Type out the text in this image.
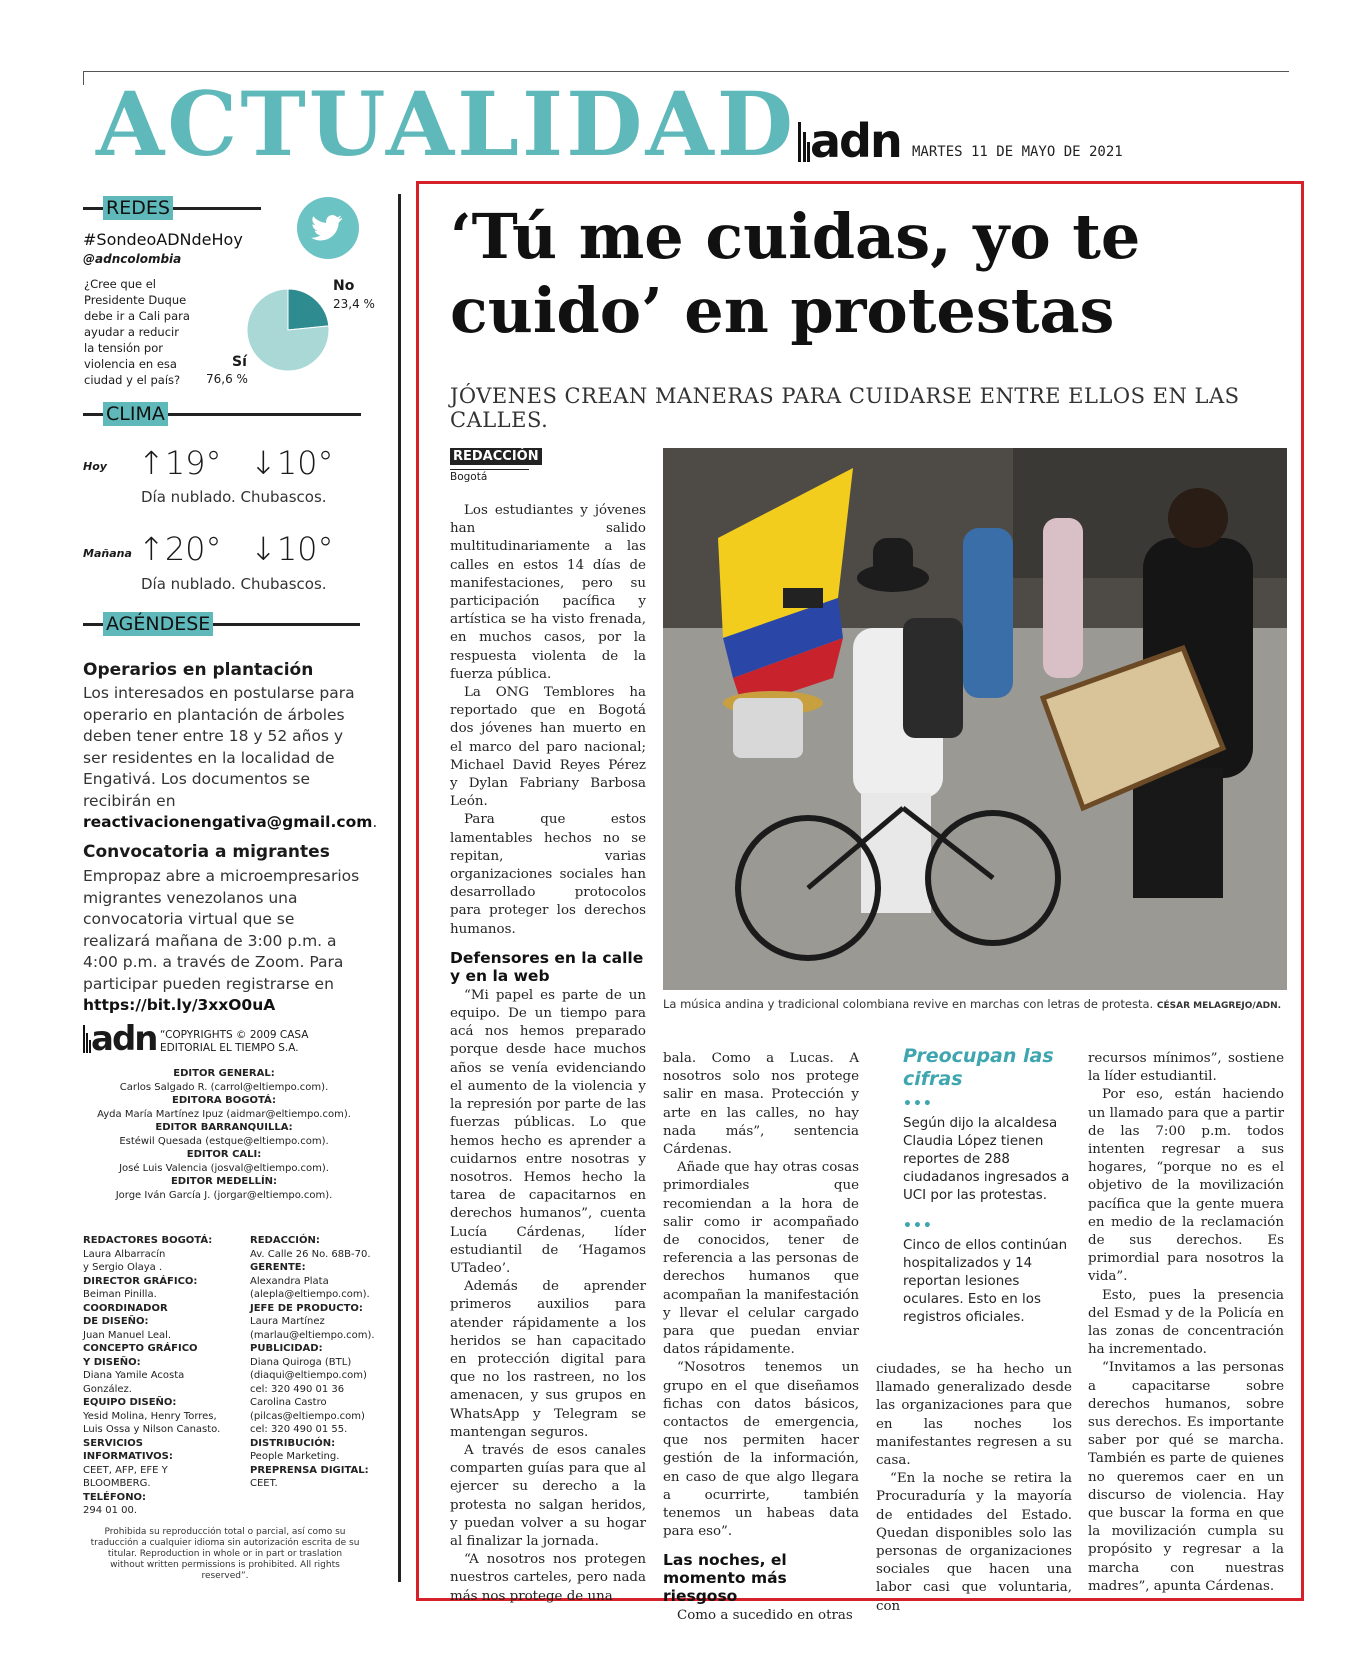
ACTUALIDAD adn MARTES 11 DE MAYO DE 2021
REDES
#SondeoADNdeHoy
@adncolombia
¿Cree que el Presidente Duque debe ir a Cali para ayudar a reducir la tensión por violencia en esa ciudad y el país?
No
23,4 %
Sí
76,6 %
CLIMA
Hoy ↑19° ↓10°
Día nublado. Chubascos.
Mañana ↑20° ↓10°
Día nublado. Chubascos.
AGÉNDESE
Operarios en plantación
Los interesados en postularse para operario en plantación de árboles deben tener entre 18 y 52 años y ser residentes en la localidad de Engativá. Los documentos se recibirán en reactivacionengativa@gmail.com.
Convocatoria a migrantes
Empropaz abre a microempresarios migrantes venezolanos una convocatoria virtual que se realizará mañana de 3:00 p.m. a 4:00 p.m. a través de Zoom. Para participar pueden registrarse en https://bit.ly/3xxO0uA
adn “COPYRIGHTS © 2009 CASA EDITORIAL EL TIEMPO S.A.
EDITOR GENERAL:
Carlos Salgado R. (carrol@eltiempo.com).
EDITORA BOGOTÁ:
Ayda María Martínez Ipuz (aidmar@eltiempo.com).
EDITOR BARRANQUILLA:
Estéwil Quesada (estque@eltiempo.com).
EDITOR CALI:
José Luis Valencia (josval@eltiempo.com).
EDITOR MEDELLÍN:
Jorge Iván García J. (jorgar@eltiempo.com).
REDACTORES BOGOTÁ:
Laura Albarracín
y Sergio Olaya .
DIRECTOR GRÁFICO:
Beiman Pinilla.
COORDINADOR
DE DISEÑO:
Juan Manuel Leal.
CONCEPTO GRÁFICO
Y DISEÑO:
Diana Yamile Acosta González.
EQUIPO DISEÑO:
Yesid Molina, Henry Torres,
Luis Ossa y Nilson Canasto.
SERVICIOS
INFORMATIVOS:
CEET, AFP, EFE Y BLOOMBERG.
TELÉFONO:
294 01 00.
REDACCIÓN:
Av. Calle 26 No. 68B-70.
GERENTE:
Alexandra Plata
(alepla@eltiempo.com).
JEFE DE PRODUCTO:
Laura Martínez
(marlau@eltiempo.com).
PUBLICIDAD:
Diana Quiroga (BTL)
(diaqui@eltiempo.com)
cel: 320 490 01 36
Carolina Castro
(pilcas@eltiempo.com)
cel: 320 490 01 55.
DISTRIBUCIÓN:
People Marketing.
PREPRENSA DIGITAL:
CEET.
Prohibida su reproducción total o parcial, así como su traducción a cualquier idioma sin autorización escrita de su titular. Reproduction in whole or in part or traslation without written permissions is prohibited. All rights reserved”.
‘Tú me cuidas, yo te cuido’ en protestas
JÓVENES CREAN MANERAS PARA CUIDARSE ENTRE ELLOS EN LAS CALLES.
REDACCIÓN
Bogotá

Los estudiantes y jóvenes han salido multitudinariamente a las calles en estos 14 días de manifestaciones, pero su participación pacífica y artística se ha visto frenada, en muchos casos, por la respuesta violenta de la fuerza pública.

La ONG Temblores ha reportado que en Bogotá dos jóvenes han muerto en el marco del paro nacional; Michael David Reyes Pérez y Dylan Fabriany Barbosa León.

Para que estos lamentables hechos no se repitan, varias organizaciones sociales han desarrollado protocolos para proteger los derechos humanos.

Defensores en la calle y en la web

“Mi papel es parte de un equipo. De un tiempo para acá nos hemos preparado porque desde hace muchos años se venía evidenciando el aumento de la violencia y la represión por parte de las fuerzas públicas. Lo que hemos hecho es aprender a cuidarnos entre nosotras y nosotros. Hemos hecho la tarea de capacitarnos en derechos humanos”, cuenta Lucía Cárdenas, líder estudiantil de ‘Hagamos UTadeo’.

Además de aprender primeros auxilios para atender rápidamente a los heridos se han capacitado en protección digital para que no los rastreen, no los amenacen, y sus grupos en WhatsApp y Telegram se mantengan seguros.

A través de esos canales comparten guías para que al ejercer su derecho a la protesta no salgan heridos, y puedan volver a su hogar al finalizar la jornada.

“A nosotros nos protegen nuestros carteles, pero nada más nos protege de una

La música andina y tradicional colombiana revive en marchas con letras de protesta. CÉSAR MELAGREJO/ADN.

bala. Como a Lucas. A nosotros solo nos protege salir en masa. Protección y arte en las calles, no hay nada más”, sentencia Cárdenas.

Añade que hay otras cosas primordiales que recomiendan a la hora de salir como ir acompañado de conocidos, tener de referencia a las personas de derechos humanos que acompañan la manifestación y llevar el celular cargado para que puedan enviar datos rápidamente.

“Nosotros tenemos un grupo en el que diseñamos fichas con datos básicos, contactos de emergencia, que nos permiten hacer gestión de la información, en caso de que algo llegara a ocurrirte, también tenemos un habeas data para eso”.

Las noches, el momento más riesgoso

Como a sucedido en otras

Preocupan las cifras
•••
Según dijo la alcaldesa Claudia López tienen reportes de 288 ciudadanos ingresados a UCI por las protestas.
•••
Cinco de ellos continúan hospitalizados y 14 reportan lesiones oculares. Esto en los registros oficiales.

ciudades, se ha hecho un llamado generalizado desde las organizaciones para que en las noches los manifestantes regresen a su casa.

“En la noche se retira la Procuraduría y la mayoría de entidades del Estado. Quedan disponibles solo las personas de organizaciones sociales que hacen una labor casi que voluntaria, con

recursos mínimos”, sostiene la líder estudiantil.

Por eso, están haciendo un llamado para que a partir de las 7:00 p.m. todos intenten regresar a sus hogares, “porque no es el objetivo de la movilización pacífica que la gente muera en medio de la reclamación de sus derechos. Es primordial para nosotros la vida”.

Esto, pues la presencia del Esmad y de la Policía en las zonas de concentración ha incrementado.

“Invitamos a las personas a capacitarse sobre derechos humanos, sobre sus derechos. Es importante saber por qué se marcha. También es parte de quienes no queremos caer en un discurso de violencia. Hay que buscar la forma en que la movilización cumpla su propósito y regresar a la marcha con nuestras madres”, apunta Cárdenas.
